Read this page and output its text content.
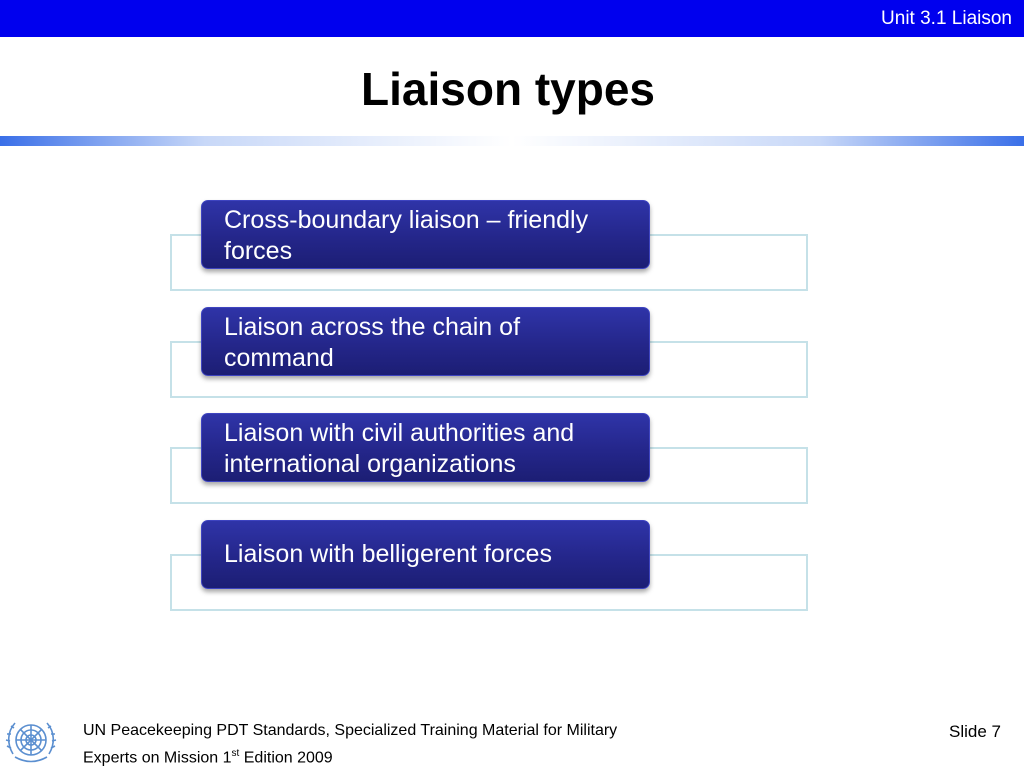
Unit 3.1 Liaison
Liaison types
Cross-boundary liaison – friendly forces
Liaison across the chain of command
Liaison with civil authorities and international organizations
Liaison with belligerent forces
UN Peacekeeping PDT Standards, Specialized Training Material for Military
Experts on Mission 1st Edition 2009
Slide 7
